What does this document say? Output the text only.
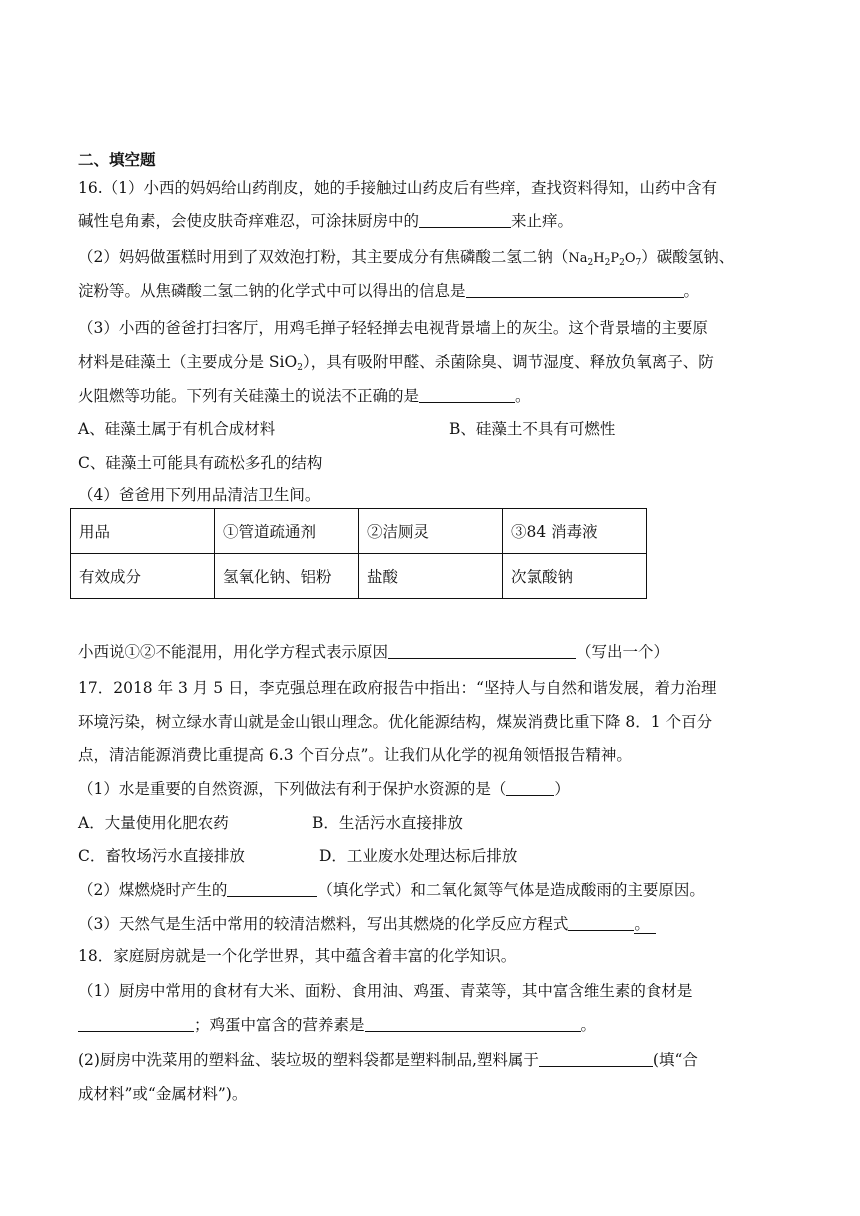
二、填空题
16.（1）小西的妈妈给山药削皮，她的手接触过山药皮后有些痒，查找资料得知，山药中含有
碱性皂角素，会使皮肤奇痒难忍，可涂抹厨房中的	来止痒。
（2）妈妈做蛋糕时用到了双效泡打粉，其主要成分有焦磷酸二氢二钠$(Na_2H_2P_2O_7)$碳酸氢钠、
淀粉等。从焦磷酸二氢二钠的化学式中可以得出的信息是	。
（3）小西的爸爸打扫客厅，用鸡毛掸子轻轻掸去电视背景墙上的灰尘。这个背景墙的主要原
材料是硅藻土（主要成分是 SiO$_2$），具有吸附甲醛、杀菌除臭、调节湿度、释放负氧离子、防
火阻燃等功能。下列有关硅藻土的说法不正确的是	。
A、硅藻土属于有机合成材料	B、硅藻土不具有可燃性
C、硅藻土可能具有疏松多孔的结构
（4）爸爸用下列用品清洁卫生间。
用品	①管道疏通剂	②洁厕灵	③84 消毒液
有效成分	氢氧化钠、铝粉	盐酸	次氯酸钠
小西说①②不能混用，用化学方程式表示原因	（写出一个）
17．2018 年 3 月 5 日，李克强总理在政府报告中指出：“坚持人与自然和谐发展，着力治理
环境污染，树立绿水青山就是金山银山理念。优化能源结构，煤炭消费比重下降 8．1 个百分
点，清洁能源消费比重提高 6.3 个百分点”。让我们从化学的视角领悟报告精神。
（1）水是重要的自然资源，下列做法有利于保护水资源的是（	）
A．大量使用化肥农药	B．生活污水直接排放
C．畜牧场污水直接排放	D．工业废水处理达标后排放
（2）煤燃烧时产生的	（填化学式）和二氧化氮等气体是造成酸雨的主要原因。
（3）天然气是生活中常用的较清洁燃料，写出其燃烧的化学反应方程式	。
18．家庭厨房就是一个化学世界，其中蕴含着丰富的化学知识。
（1）厨房中常用的食材有大米、面粉、食用油、鸡蛋、青菜等，其中富含维生素的食材是
；鸡蛋中富含的营养素是	。
(2)厨房中洗菜用的塑料盆、装垃圾的塑料袋都是塑料制品,塑料属于	(填“合
成材料”或“金属材料”)。
